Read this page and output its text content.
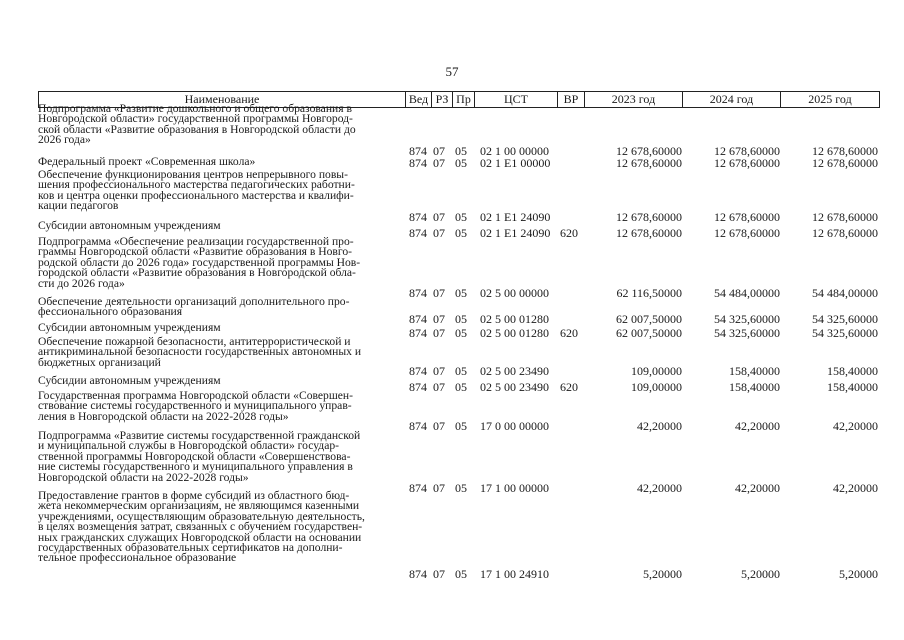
57
Наименование	Вед РЗ Пр	ЦСТ	ВР	2023 год	2024 год	2025 год
Подпрограмма «Развитие дошкольного и общего образования в
Новгородской области» государственной программы Новгород-
ской области «Развитие образования в Новгородской области до
2026 года»
874 07 05 02 1 00 00000	12 678,60000	12 678,60000	12 678,60000
Федеральный проект «Современная школа»	874 07 05 02 1 E1 00000	12 678,60000	12 678,60000	12 678,60000
Обеспечение функционирования центров непрерывного повы-
шения профессионального мастерства педагогических работни-
ков и центра оценки профессионального мастерства и квалифи-
кации педагогов
874 07 05 02 1 E1 24090	12 678,60000	12 678,60000	12 678,60000
Субсидии автономным учреждениям
874 07 05 02 1 E1 24090 620	12 678,60000	12 678,60000	12 678,60000
Подпрограмма «Обеспечение реализации государственной про-
граммы Новгородской области «Развитие образования в Новго-
родской области до 2026 года» государственной программы Нов-
городской области «Развитие образования в Новгородской обла-
сти до 2026 года»
874 07 05 02 5 00 00000	62 116,50000	54 484,00000	54 484,00000
Обеспечение деятельности организаций дополнительного про-
фессионального образования
874 07 05 02 5 00 01280	62 007,50000	54 325,60000	54 325,60000
Субсидии автономным учреждениям	874 07 05 02 5 00 01280 620	62 007,50000	54 325,60000	54 325,60000
Обеспечение пожарной безопасности, антитеррористической и
антикриминальной безопасности государственных автономных и
бюджетных организаций
874 07 05 02 5 00 23490	109,00000	158,40000	158,40000
Субсидии автономным учреждениям	874 07 05 02 5 00 23490 620	109,00000	158,40000	158,40000
Государственная программа Новгородской области «Совершен-
ствование системы государственного и муниципального управ-
ления в Новгородской области на 2022-2028 годы»
874 07 05 17 0 00 00000	42,20000	42,20000	42,20000
Подпрограмма «Развитие системы государственной гражданской
и муниципальной службы в Новгородской области» государ-
ственной программы Новгородской области «Совершенствова-
ние системы государственного и муниципального управления в
Новгородской области на 2022-2028 годы»
874 07 05 17 1 00 00000	42,20000	42,20000	42,20000
Предоставление грантов в форме субсидий из областного бюд-
жета некоммерческим организациям, не являющимся казенными
учреждениями, осуществляющим образовательную деятельность,
в целях возмещения затрат, связанных с обучением государствен-
ных гражданских служащих Новгородской области на основании
государственных образовательных сертификатов на дополни-
тельное профессиональное образование
874 07 05 17 1 00 24910	5,20000	5,20000	5,20000
